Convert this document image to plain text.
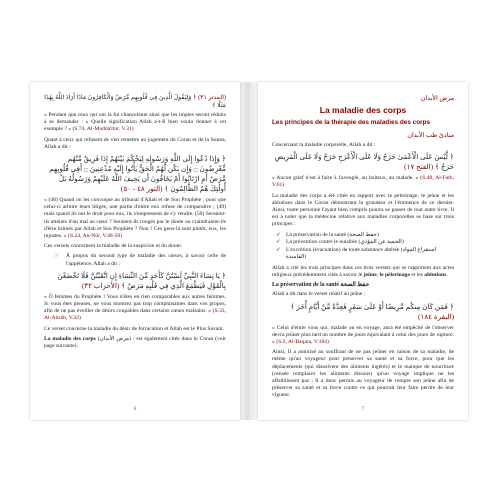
(المدثر ٣١) ﴿ وَلِيَقُولَ الَّذِينَ فِي قُلُوبِهِم مَّرَضٌ وَالْكَافِرُونَ مَاذَا أَرَادَ اللَّهُ بِهَٰذَا مَثَلًا ﴾

« Pendant que ceux qui ont la foi chancelante ainsi que les impies seront réduits à se demander : « Quelle signification Allah a-t-Il bien voulu donner à cet exemple ? » (S.74, Al-Mudda'thir, V.31)

Quant à ceux qui refusent de s'en remettre au jugement du Coran et de la Sunna, Allah a dit :

﴿ وَإِذَا دُعُوا إِلَى اللَّهِ وَرَسُولِهِ لِيَحْكُمَ بَيْنَهُمْ إِذَا فَرِيقٌ مِّنْهُم مُّعْرِضُونَ ۝ وَإِن يَكُن لَّهُمُ الْحَقُّ يَأْتُوا إِلَيْهِ مُذْعِنِينَ ۝ أَفِي قُلُوبِهِم مَّرَضٌ أَمِ ارْتَابُوا أَمْ يَخَافُونَ أَن يَحِيفَ اللَّهُ عَلَيْهِمْ وَرَسُولُهُ بَلْ أُولَٰئِكَ هُمُ الظَّالِمُونَ ﴾ (النور ٤٨ - ٥٠)

« (48) Quand on les convoque au tribunal d'Allah et de Son Prophète , pour que celui-ci arbitre leurs litiges, une partie d'entre eux refuse de comparaître ; (49) mais quand ils ont le droit pour eux, ils s'empressent de s'y rendre. (50) Seraient-ils atteints d'un mal au cœur ? Seraient-ils rongés par le doute ou craindraient-ils d'être brimés par Allah et Son Prophète ? Non ! Ces gens-là sont plutôt, eux, les injustes. » (S.24, An-Nûr, V.48-50)

Ces versets concernent la maladie de la suspicion et du doute.

☞ À propos du second type de maladie des cœurs, à savoir celle de l'appétence, Allah a dit :

﴿ يَا نِسَاءَ النَّبِيِّ لَسْتُنَّ كَأَحَدٍ مِّنَ النِّسَاءِ إِنِ اتَّقَيْتُنَّ فَلَا تَخْضَعْنَ بِالْقَوْلِ فَيَطْمَعَ الَّذِي فِي قَلْبِهِ مَرَضٌ ﴾ (الأحزاب ٣٢)

« Ô femmes du Prophète ! Vous n'êtes en rien comparables aux autres femmes. Si vous êtes pieuses, ne vous montrez pas trop complaisantes dans vos propos, afin de ne pas éveiller de désirs coupables dans certains cœurs malsains. » (S.33, Al-Ahzâb, V.32)

Ce verset concerne la maladie du désir de fornication et Allah est le Plus Savant.

La maladie des corps (مرض الأبدان) : est également citée dans le Coran (voir page suivante).

6

مرض الأبدان

La maladie des corps

Les principes de la thérapie des maladies des corps

مبادئ طب الأبدان

Concernant la maladie corporelle, Allah a dit :

﴿ لَّيْسَ عَلَى الْأَعْمَىٰ حَرَجٌ وَلَا عَلَى الْأَعْرَجِ حَرَجٌ وَلَا عَلَى الْمَرِيضِ حَرَجٌ ﴾ (الفتح ١٧)

« Aucun grief n'est à faire à l'aveugle, au boiteux, au malade. » (S.48, Al-Fath, V.61)

La maladie des corps a été citée en rapport avec le pèlerinage, le jeûne et les ablutions dans le Coran démontrant la grandeur et l'éminence de ce dernier. Ainsi, toute personne l'ayant bien compris pourra se passer de tout autre livre. Il est à noter que la médecine relative aux maladies corporelles se base sur trois principes :

✓ La préservation de la santé (حفظ الصحة)
✓ La prévention contre le nuisible (الحمية عن المؤذي)
✓ L'excrétion (évacuation) de toute substance altérée (استفراغ المواد الفاسدة)

Allah a cité les trois principes dans ces trois versets qui se rapportent aux actes religieux précédemment cités à savoir le jeûne, le pèlerinage et les ablutions.

La préservation de la santé حفظ الصحة

Allah a dit dans le verset relatif au jeûne :

﴿ فَمَن كَانَ مِنكُم مَّرِيضًا أَوْ عَلَىٰ سَفَرٍ فَعِدَّةٌ مِّنْ أَيَّامٍ أُخَرَ ﴾ (البقرة ١٨٤)

« Celui d'entre vous qui, malade ou en voyage, aura été empêché de l'observer devra jeûner plus tard un nombre de jours équivalant à celui des jours de rupture. » (S.2, Al-Baqara, V.184)

Ainsi, Il a autorisé au souffrant de ne pas jeûner en raison de sa maladie, de même qu'au voyageur pour préserver sa santé et sa force, pour que les déplacements (qui dissolvent des aliments ingérés) et le manque de nourriture (censée remplacer les aliments dissous) qu'un voyage implique ne les affaiblissent pas ; Il a donc permis au voyageur de rompre son jeûne afin de préserver sa santé et sa force contre ce qui pourrait leur faire perdre de leur vigueur.

7
